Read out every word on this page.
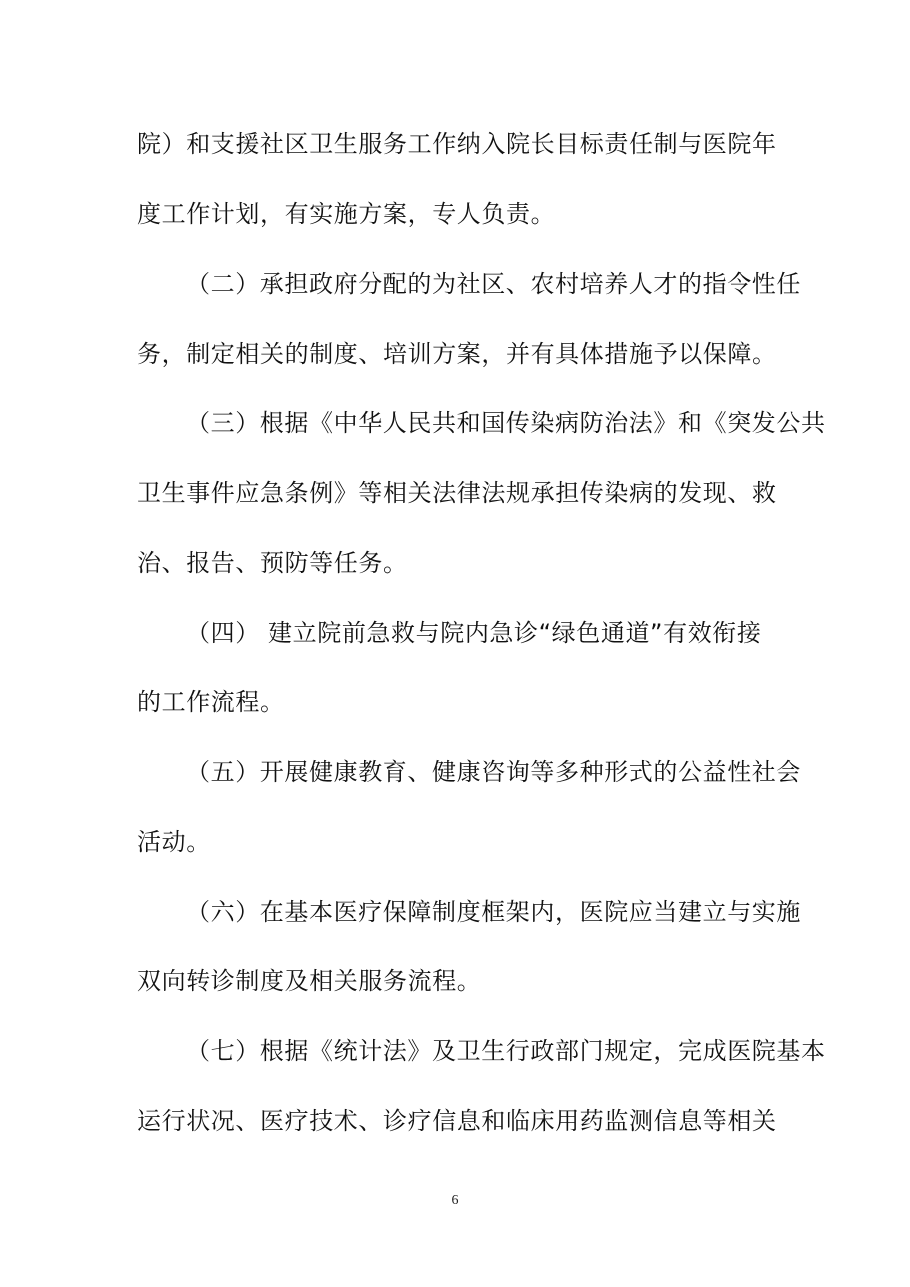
院）和支援社区卫生服务工作纳入院长目标责任制与医院年
度工作计划，有实施方案，专人负责。
（二）承担政府分配的为社区、农村培养人才的指令性任
务，制定相关的制度、培训方案，并有具体措施予以保障。
（三）根据《中华人民共和国传染病防治法》和《突发公共
卫生事件应急条例》等相关法律法规承担传染病的发现、救
治、报告、预防等任务。
（四） 建立院前急救与院内急诊“绿色通道”有效衔接
的工作流程。
（五）开展健康教育、健康咨询等多种形式的公益性社会
活动。
（六）在基本医疗保障制度框架内，医院应当建立与实施
双向转诊制度及相关服务流程。
（七）根据《统计法》及卫生行政部门规定，完成医院基本
运行状况、医疗技术、诊疗信息和临床用药监测信息等相关
6
